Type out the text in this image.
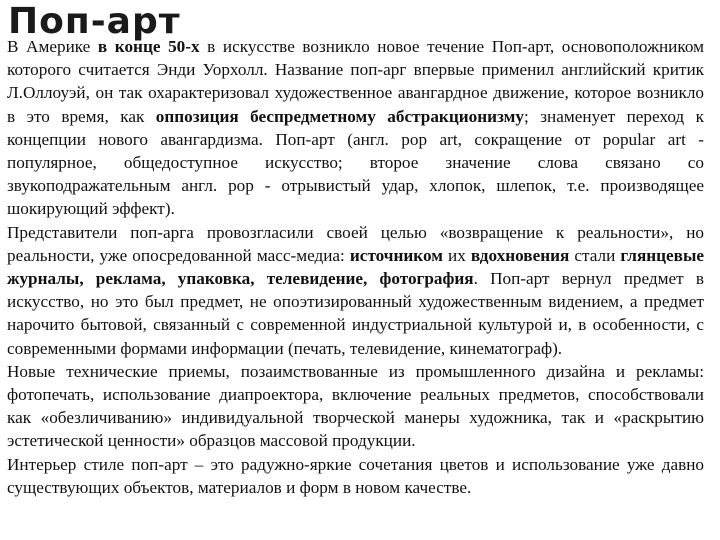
Поп-арт

В Америке в конце 50-х в искусстве возникло новое течение Поп-арт, основоположником которого считается Энди Уорхолл. Название поп-арг впервые применил английский критик Л.Оллоуэй, он так охарактеризовал художественное авангардное движение, которое возникло в это время, как оппозиция беспредметному абстракционизму; знаменует переход к концепции нового авангардизма. Поп-арт (англ. pop art, сокращение от popular art - популярное, общедоступное искусство; второе значение слова связано со звукоподражательным англ. pop - отрывистый удар, хлопок, шлепок, т.е. производящее шокирующий эффект).

Представители поп-арга провозгласили своей целью «возвращение к реальности», но реальности, уже опосредованной масс-медиа: источником их вдохновения стали глянцевые журналы, реклама, упаковка, телевидение, фотография. Поп-арт вернул предмет в искусство, но это был предмет, не опоэтизированный художественным видением, а предмет нарочито бытовой, связанный с современной индустриальной культурой и, в особенности, с современными формами информации (печать, телевидение, кинематограф).

Новые технические приемы, позаимствованные из промышленного дизайна и рекламы: фотопечать, использование диапроектора, включение реальных предметов, способствовали как «обезличиванию» индивидуальной творческой манеры художника, так и «раскрытию эстетической ценности» образцов массовой продукции.

Интерьер стиле поп-арт – это радужно-яркие сочетания цветов и использование уже давно существующих объектов, материалов и форм в новом качестве.
